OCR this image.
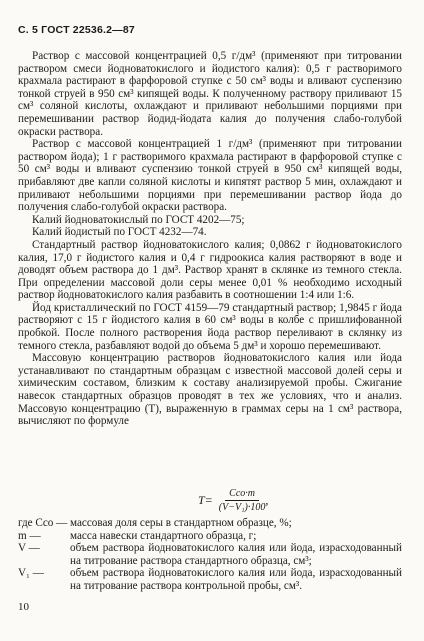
С. 5 ГОСТ 22536.2—87

Раствор с массовой концентрацией 0,5 г/дм³ (применяют при титровании раствором смеси йодноватокислого и йодистого калия): 0,5 г растворимого крахмала растирают в фарфоровой ступке с 50 см³ воды и вливают суспензию тонкой струей в 950 см³ кипящей воды. К полученному раствору приливают 15 см³ соляной кислоты, охлаждают и приливают небольшими порциями при перемешивании раствор йодид-йодата калия до получения слабо-голубой окраски раствора.

Раствор с массовой концентрацией 1 г/дм³ (применяют при титровании раствором йода); 1 г растворимого крахмала растирают в фарфоровой ступке с 50 см³ воды и вливают суспензию тонкой струей в 950 см³ кипящей воды, прибавляют две капли соляной кислоты и кипятят раствор 5 мин, охлаждают и приливают небольшими порциями при перемешивании раствор йода до получения слабо-голубой окраски раствора.

Калий йодноватокислый по ГОСТ 4202—75;

Калий йодистый по ГОСТ 4232—74.

Стандартный раствор йодноватокислого калия; 0,0862 г йодноватокислого калия, 17,0 г йодистого калия и 0,4 г гидроокиса калия растворяют в воде и доводят объем раствора до 1 дм³. Раствор хранят в склянке из темного стекла. При определении массовой доли серы менее 0,01 % необходимо исходный раствор йодноватокислого калия разбавить в соотношении 1:4 или 1:6.

Йод кристаллический по ГОСТ 4159—79 стандартный раствор; 1,9845 г йода растворяют с 15 г йодистого калия в 60 см³ воды в колбе с пришлифованной пробкой. После полного растворения йода раствор переливают в склянку из темного стекла, разбавляют водой до объема 5 дм³ и хорошо перемешивают.

Массовую концентрацию растворов йодноватокислого калия или йода устанавливают по стандартным образцам с известной массовой долей серы и химическим составом, близким к составу анализируемой пробы. Сжигание навесок стандартных образцов проводят в тех же условиях, что и анализ. Массовую концентрацию (T), выраженную в граммах серы на 1 см³ раствора, вычисляют по формуле

$T= \frac{\text{Cco·m}}{\text{(V−V₁)·100}}$ ,
где Cco — массовая доля серы в стандартном образце, %;
m —	масса навески стандартного образца, г;
V —	объем раствора йодноватокислого калия или йода, израсходованный на титрование раствора стандартного образца, см³;
V₁ —	объем раствора йодноватокислого калия или йода, израсходованный на титрование раствора контрольной пробы, см³.
10
